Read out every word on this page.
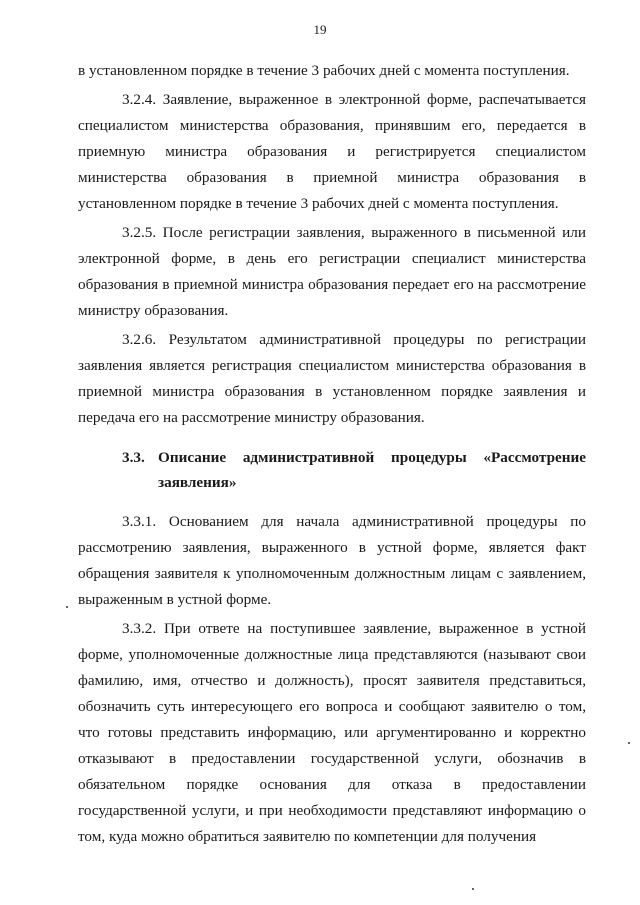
19

в установленном порядке в течение 3 рабочих дней с момента поступления.

3.2.4. Заявление, выраженное в электронной форме, распечатывается специалистом министерства образования, принявшим его, передается в приемную министра образования и регистрируется специалистом министерства образования в приемной министра образования в установленном порядке в течение 3 рабочих дней с момента поступления.

3.2.5. После регистрации заявления, выраженного в письменной или электронной форме, в день его регистрации специалист министерства образования в приемной министра образования передает его на рассмотрение министру образования.

3.2.6. Результатом административной процедуры по регистрации заявления является регистрация специалистом министерства образования в приемной министра образования в установленном порядке заявления и передача его на рассмотрение министру образования.

3.3. Описание административной процедуры «Рассмотрение заявления»

3.3.1. Основанием для начала административной процедуры по рассмотрению заявления, выраженного в устной форме, является факт обращения заявителя к уполномоченным должностным лицам с заявлением, выраженным в устной форме.

3.3.2. При ответе на поступившее заявление, выраженное в устной форме, уполномоченные должностные лица представляются (называют свои фамилию, имя, отчество и должность), просят заявителя представиться, обозначить суть интересующего его вопроса и сообщают заявителю о том, что готовы представить информацию, или аргументированно и корректно отказывают в предоставлении государственной услуги, обозначив в обязательном порядке основания для отказа в предоставлении государственной услуги, и при необходимости представляют информацию о том, куда можно обратиться заявителю по компетенции для получения
